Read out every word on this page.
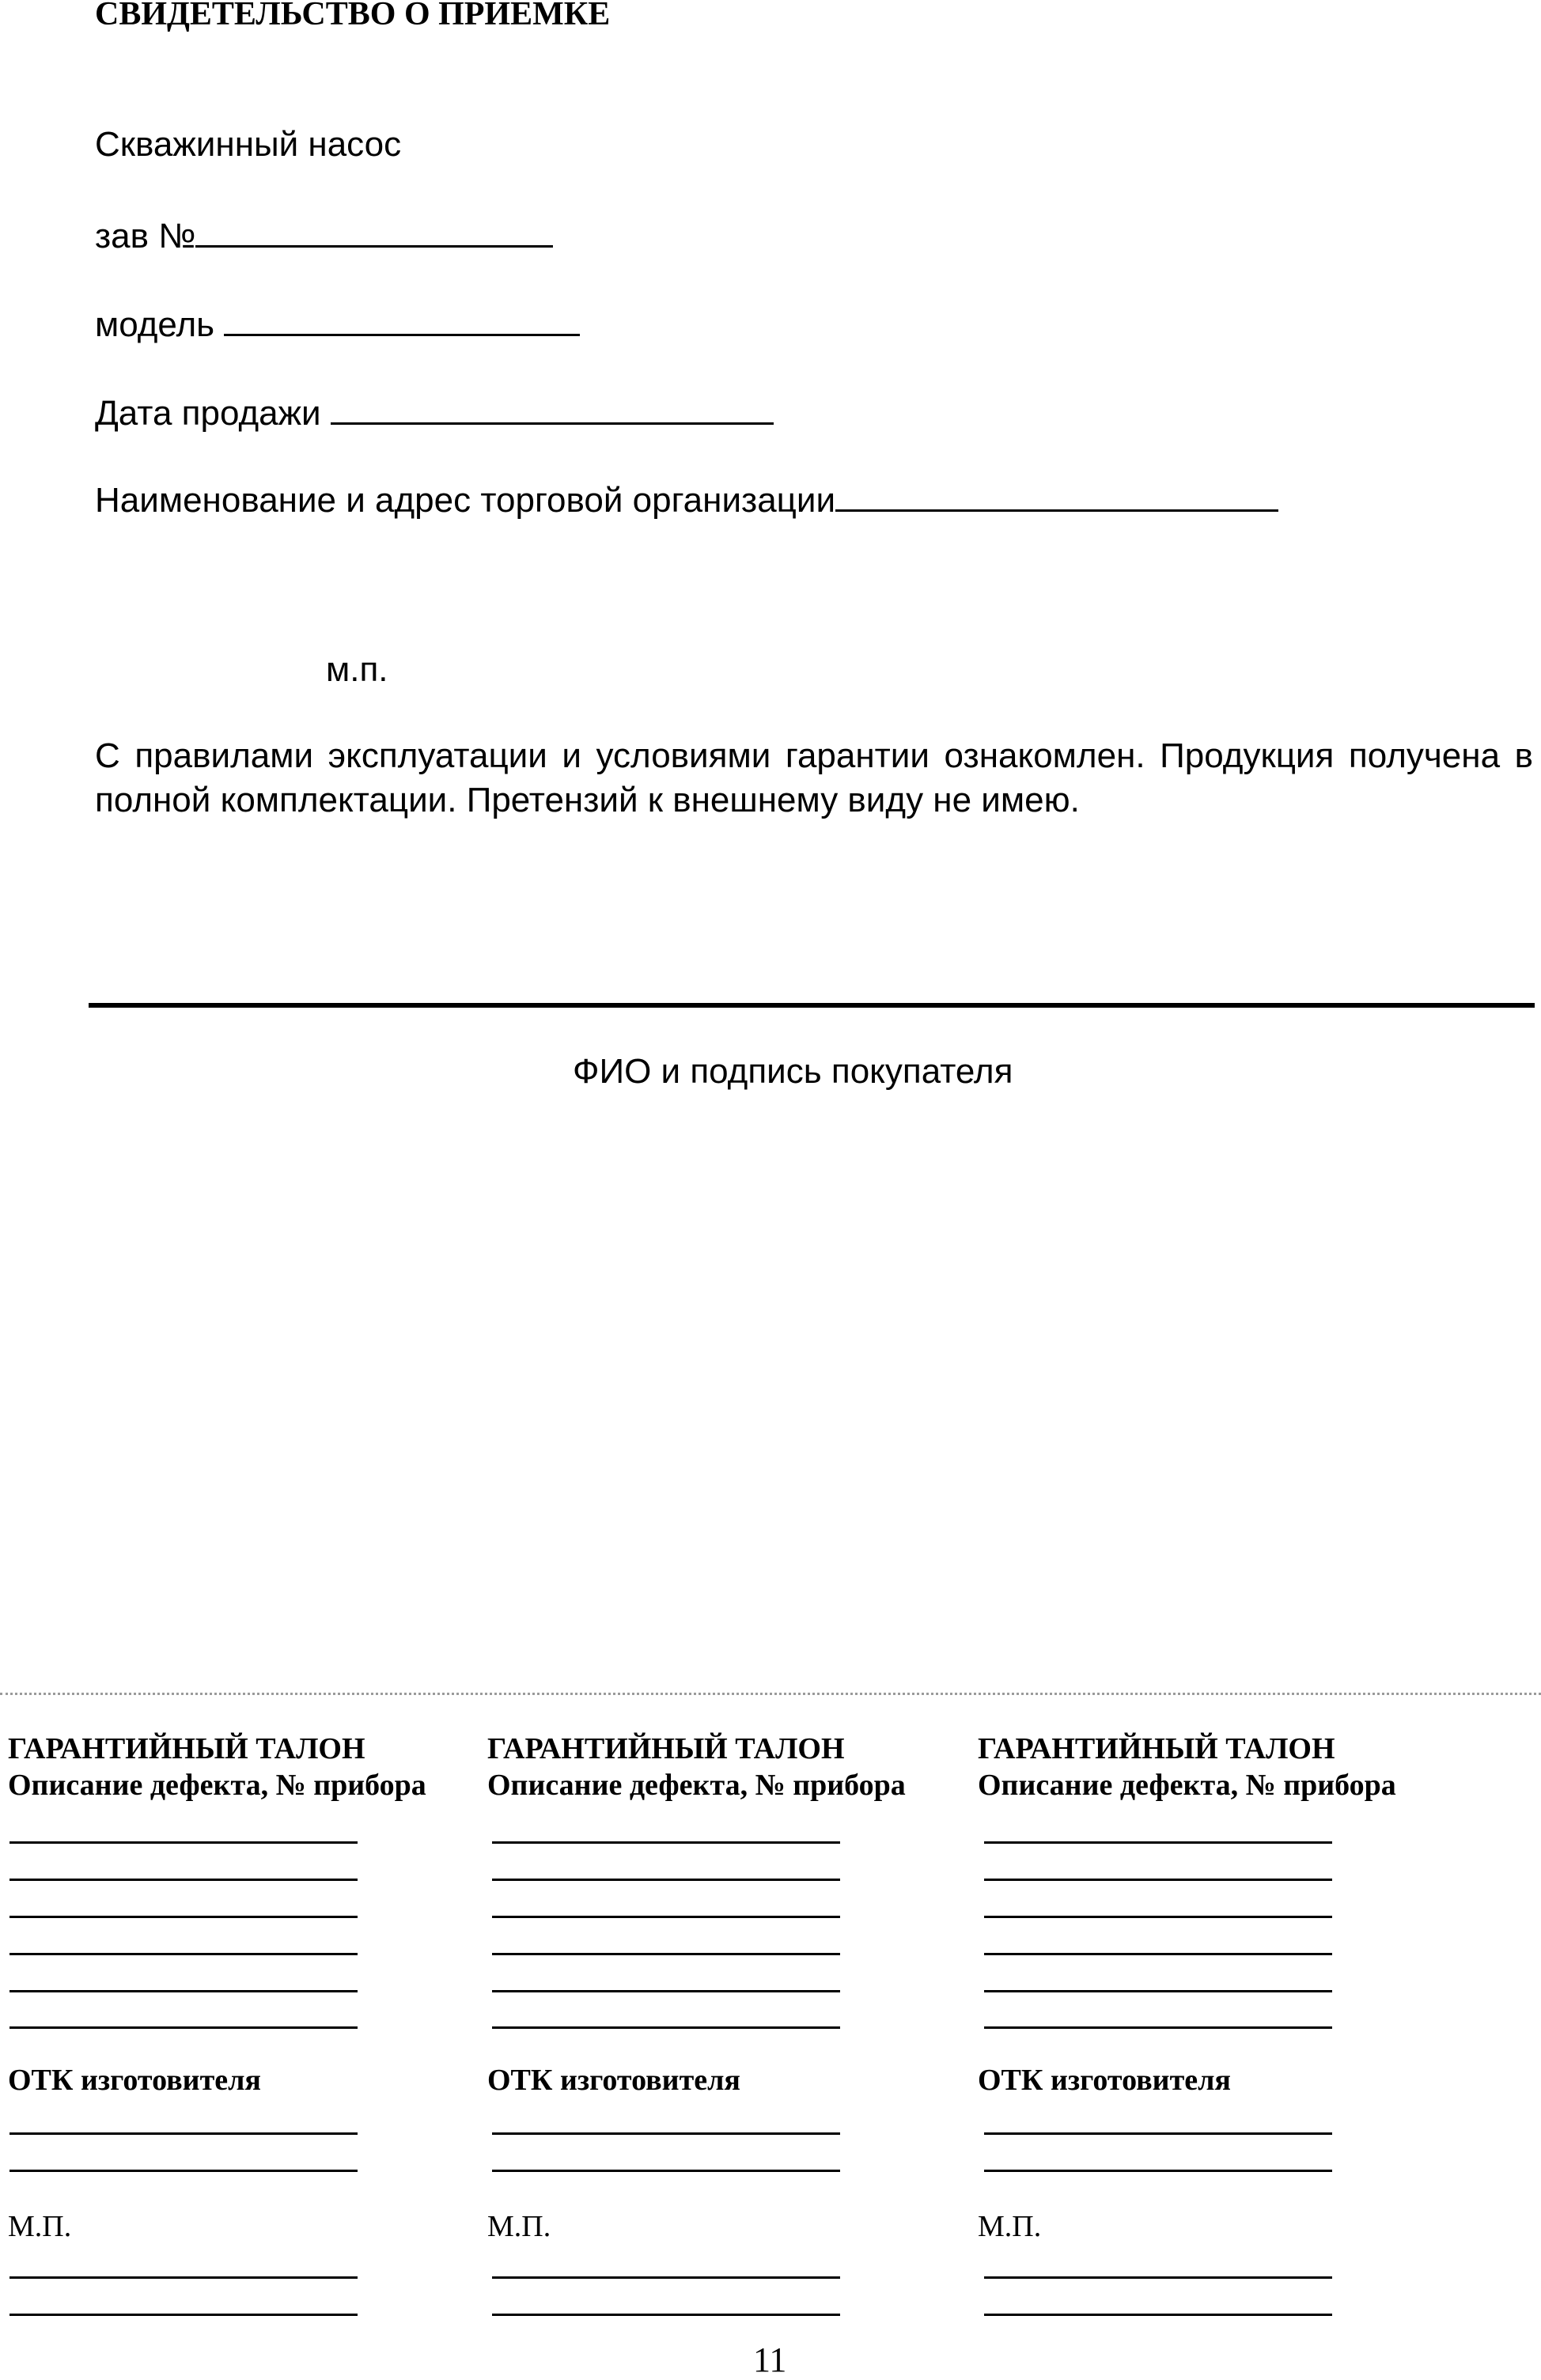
СВИДЕТЕЛЬСТВО О ПРИЕМКЕ
Скважинный насос
зав №
модель
Дата продажи
Наименование и адрес торговой организации
м.п.
С правилами эксплуатации и условиями гарантии ознакомлен. Продукция получена в полной комплектации. Претензий к внешнему виду не имею.
ФИО и подпись покупателя
ГАРАНТИЙНЫЙ ТАЛОН
Описание дефекта, № прибора
ОТК изготовителя
М.П.
ГАРАНТИЙНЫЙ ТАЛОН
Описание дефекта, № прибора
ОТК изготовителя
М.П.
ГАРАНТИЙНЫЙ ТАЛОН
Описание дефекта, № прибора
ОТК изготовителя
М.П.
11
